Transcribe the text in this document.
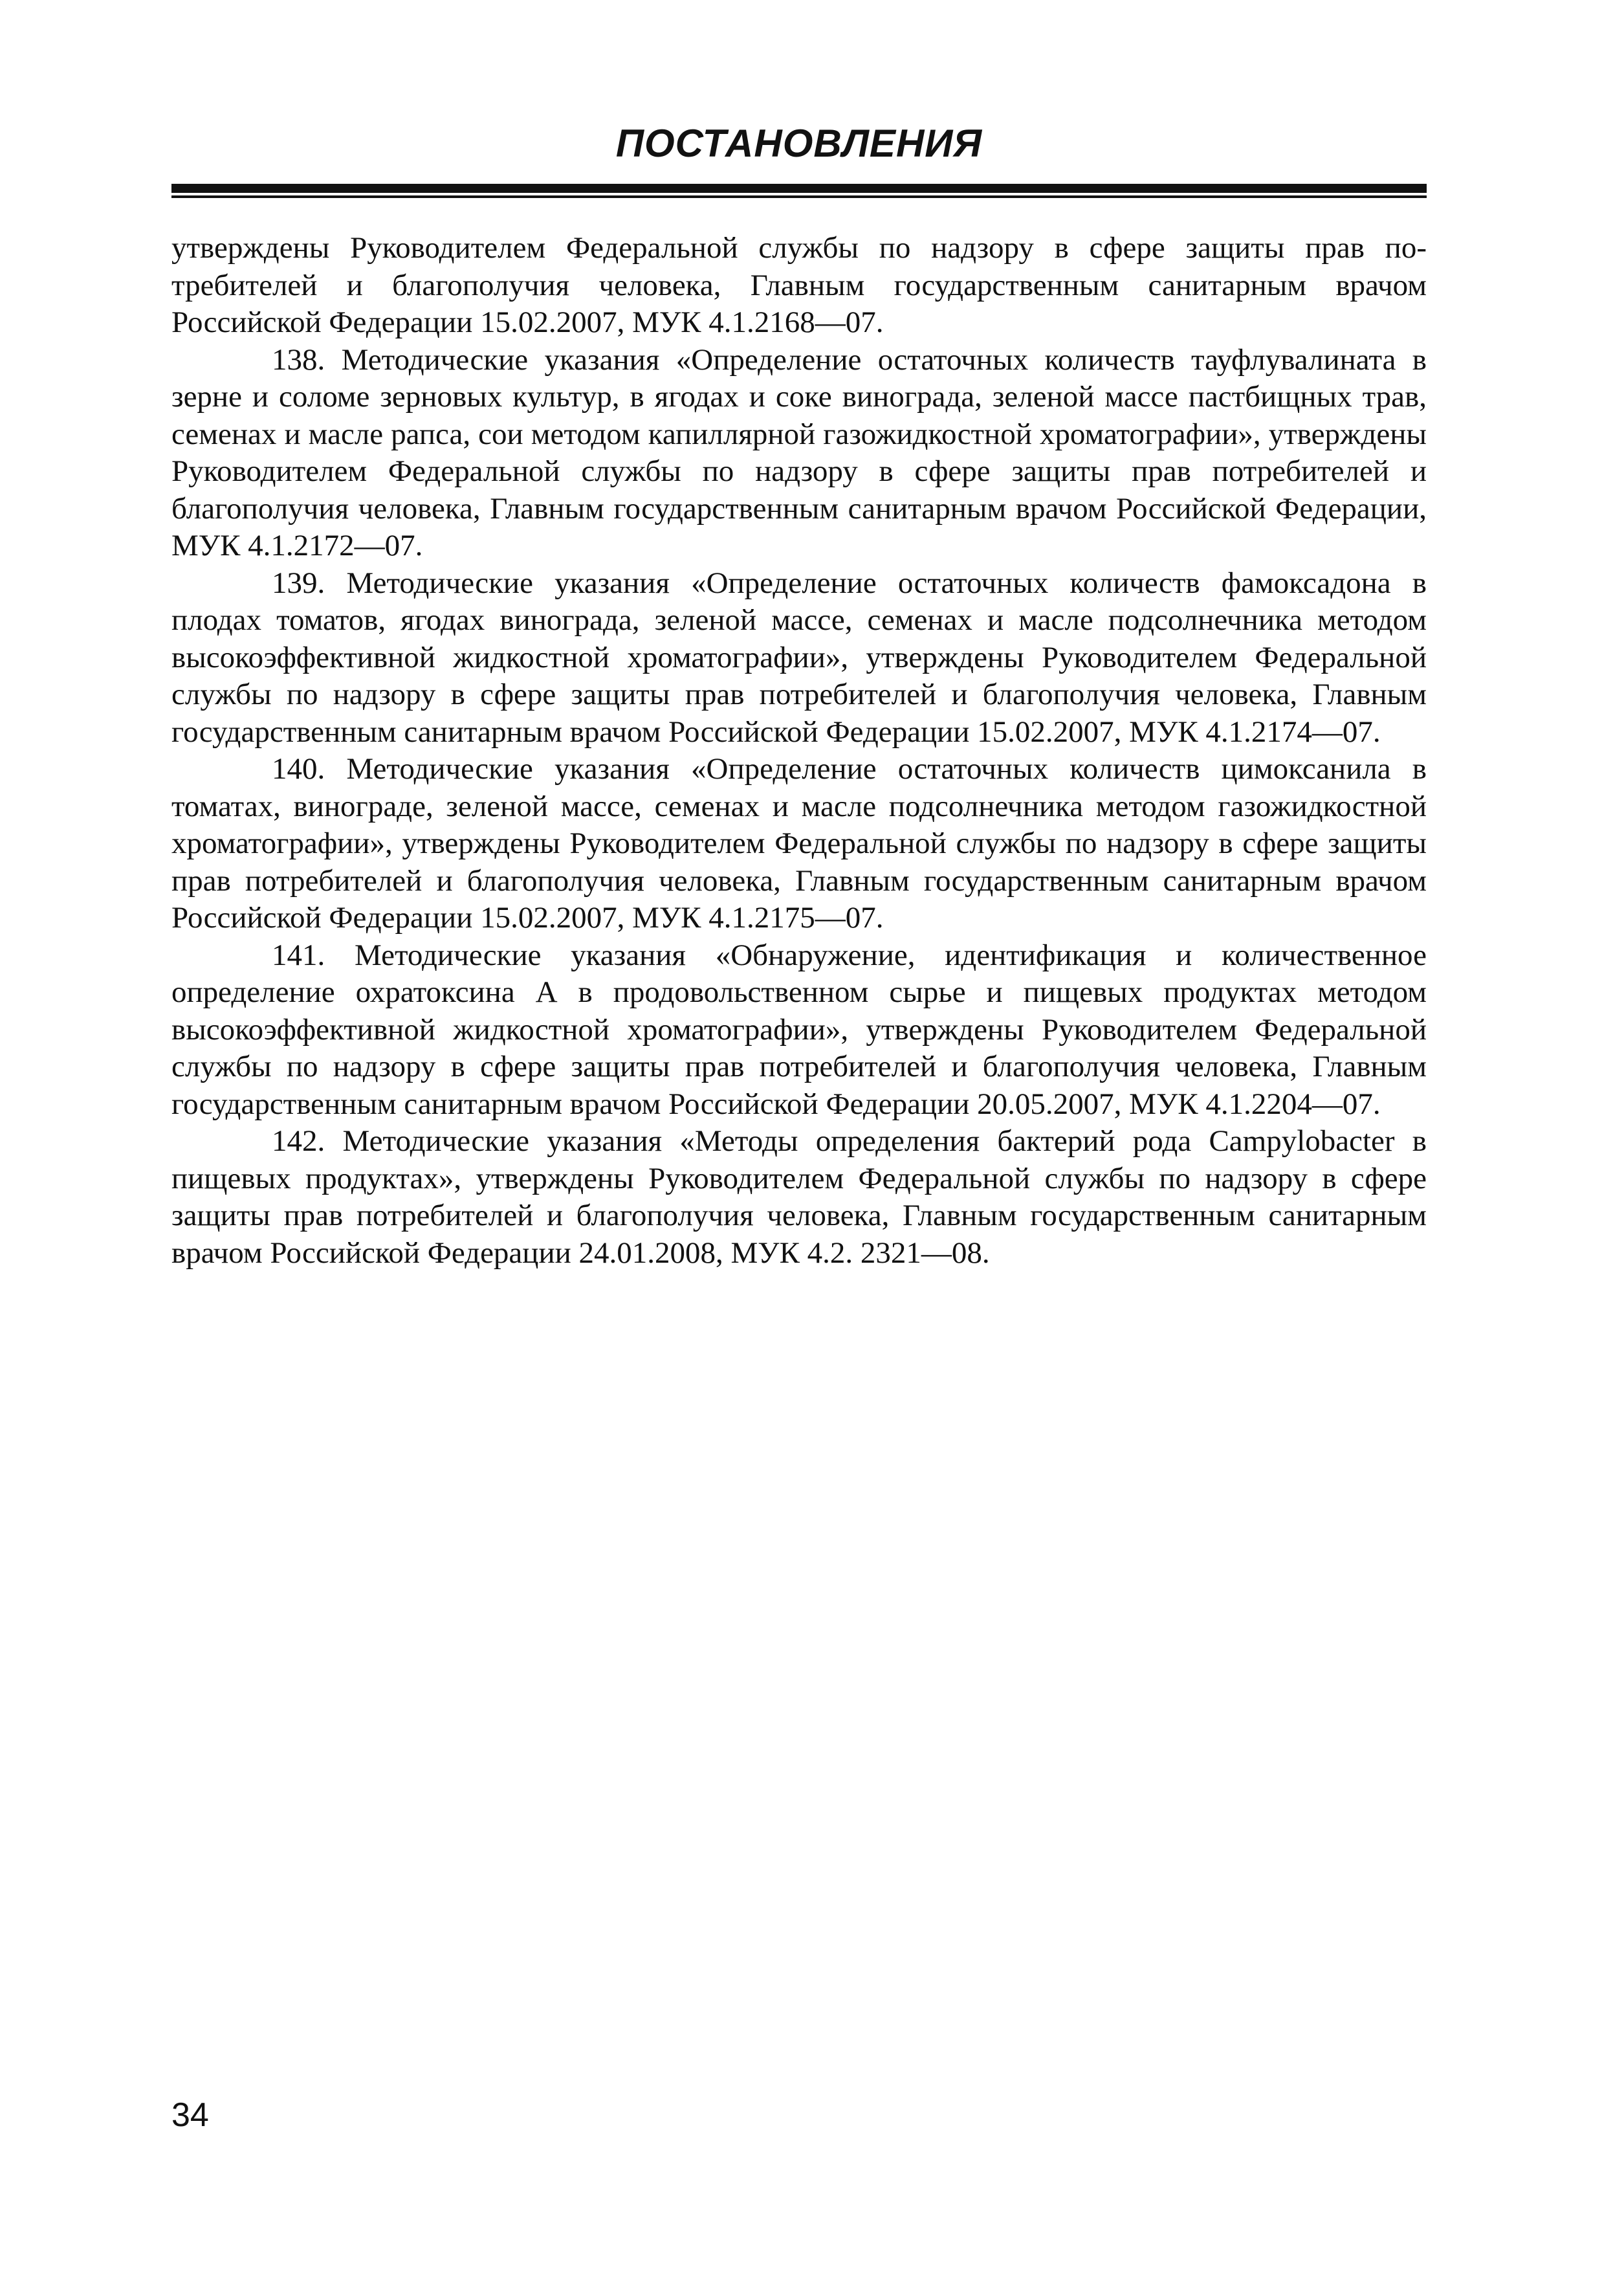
ПОСТАНОВЛЕНИЯ

утверждены Руководителем Федеральной службы по надзору в сфере защиты прав потребителей и благополучия человека, Главным государственным санитарным врачом Российской Федерации 15.02.2007, МУК 4.1.2168—07.

138. Методические указания «Определение остаточных количеств тауфлувалината в зерне и соломе зерновых культур, в ягодах и соке винограда, зеленой массе пастбищных трав, семенах и масле рапса, сои методом капиллярной газожидкостной хроматографии», утверждены Руководителем Федеральной службы по надзору в сфере защиты прав потребителей и благополучия человека, Главным государственным санитарным врачом Российской Федерации, МУК 4.1.2172—07.

139. Методические указания «Определение остаточных количеств фамоксадона в плодах томатов, ягодах винограда, зеленой массе, семенах и масле подсолнечника методом высокоэффективной жидкостной хроматографии», утверждены Руководителем Федеральной службы по надзору в сфере защиты прав потребителей и благополучия человека, Главным государственным санитарным врачом Российской Федерации 15.02.2007, МУК 4.1.2174—07.

140. Методические указания «Определение остаточных количеств цимоксанила в томатах, винограде, зеленой массе, семенах и масле подсолнечника методом газожидкостной хроматографии», утверждены Руководителем Федеральной службы по надзору в сфере защиты прав потребителей и благополучия человека, Главным государственным санитарным врачом Российской Федерации 15.02.2007, МУК 4.1.2175—07.

141. Методические указания «Обнаружение, идентификация и количественное определение охратоксина А в продовольственном сырье и пищевых продуктах методом высокоэффективной жидкостной хроматографии», утверждены Руководителем Федеральной службы по надзору в сфере защиты прав потребителей и благополучия человека, Главным государственным санитарным врачом Российской Федерации 20.05.2007, МУК 4.1.2204—07.

142. Методические указания «Методы определения бактерий рода Campylobacter в пищевых продуктах», утверждены Руководителем Федеральной службы по надзору в сфере защиты прав потребителей и благополучия человека, Главным государственным санитарным врачом Российской Федерации 24.01.2008, МУК 4.2. 2321—08.

34
